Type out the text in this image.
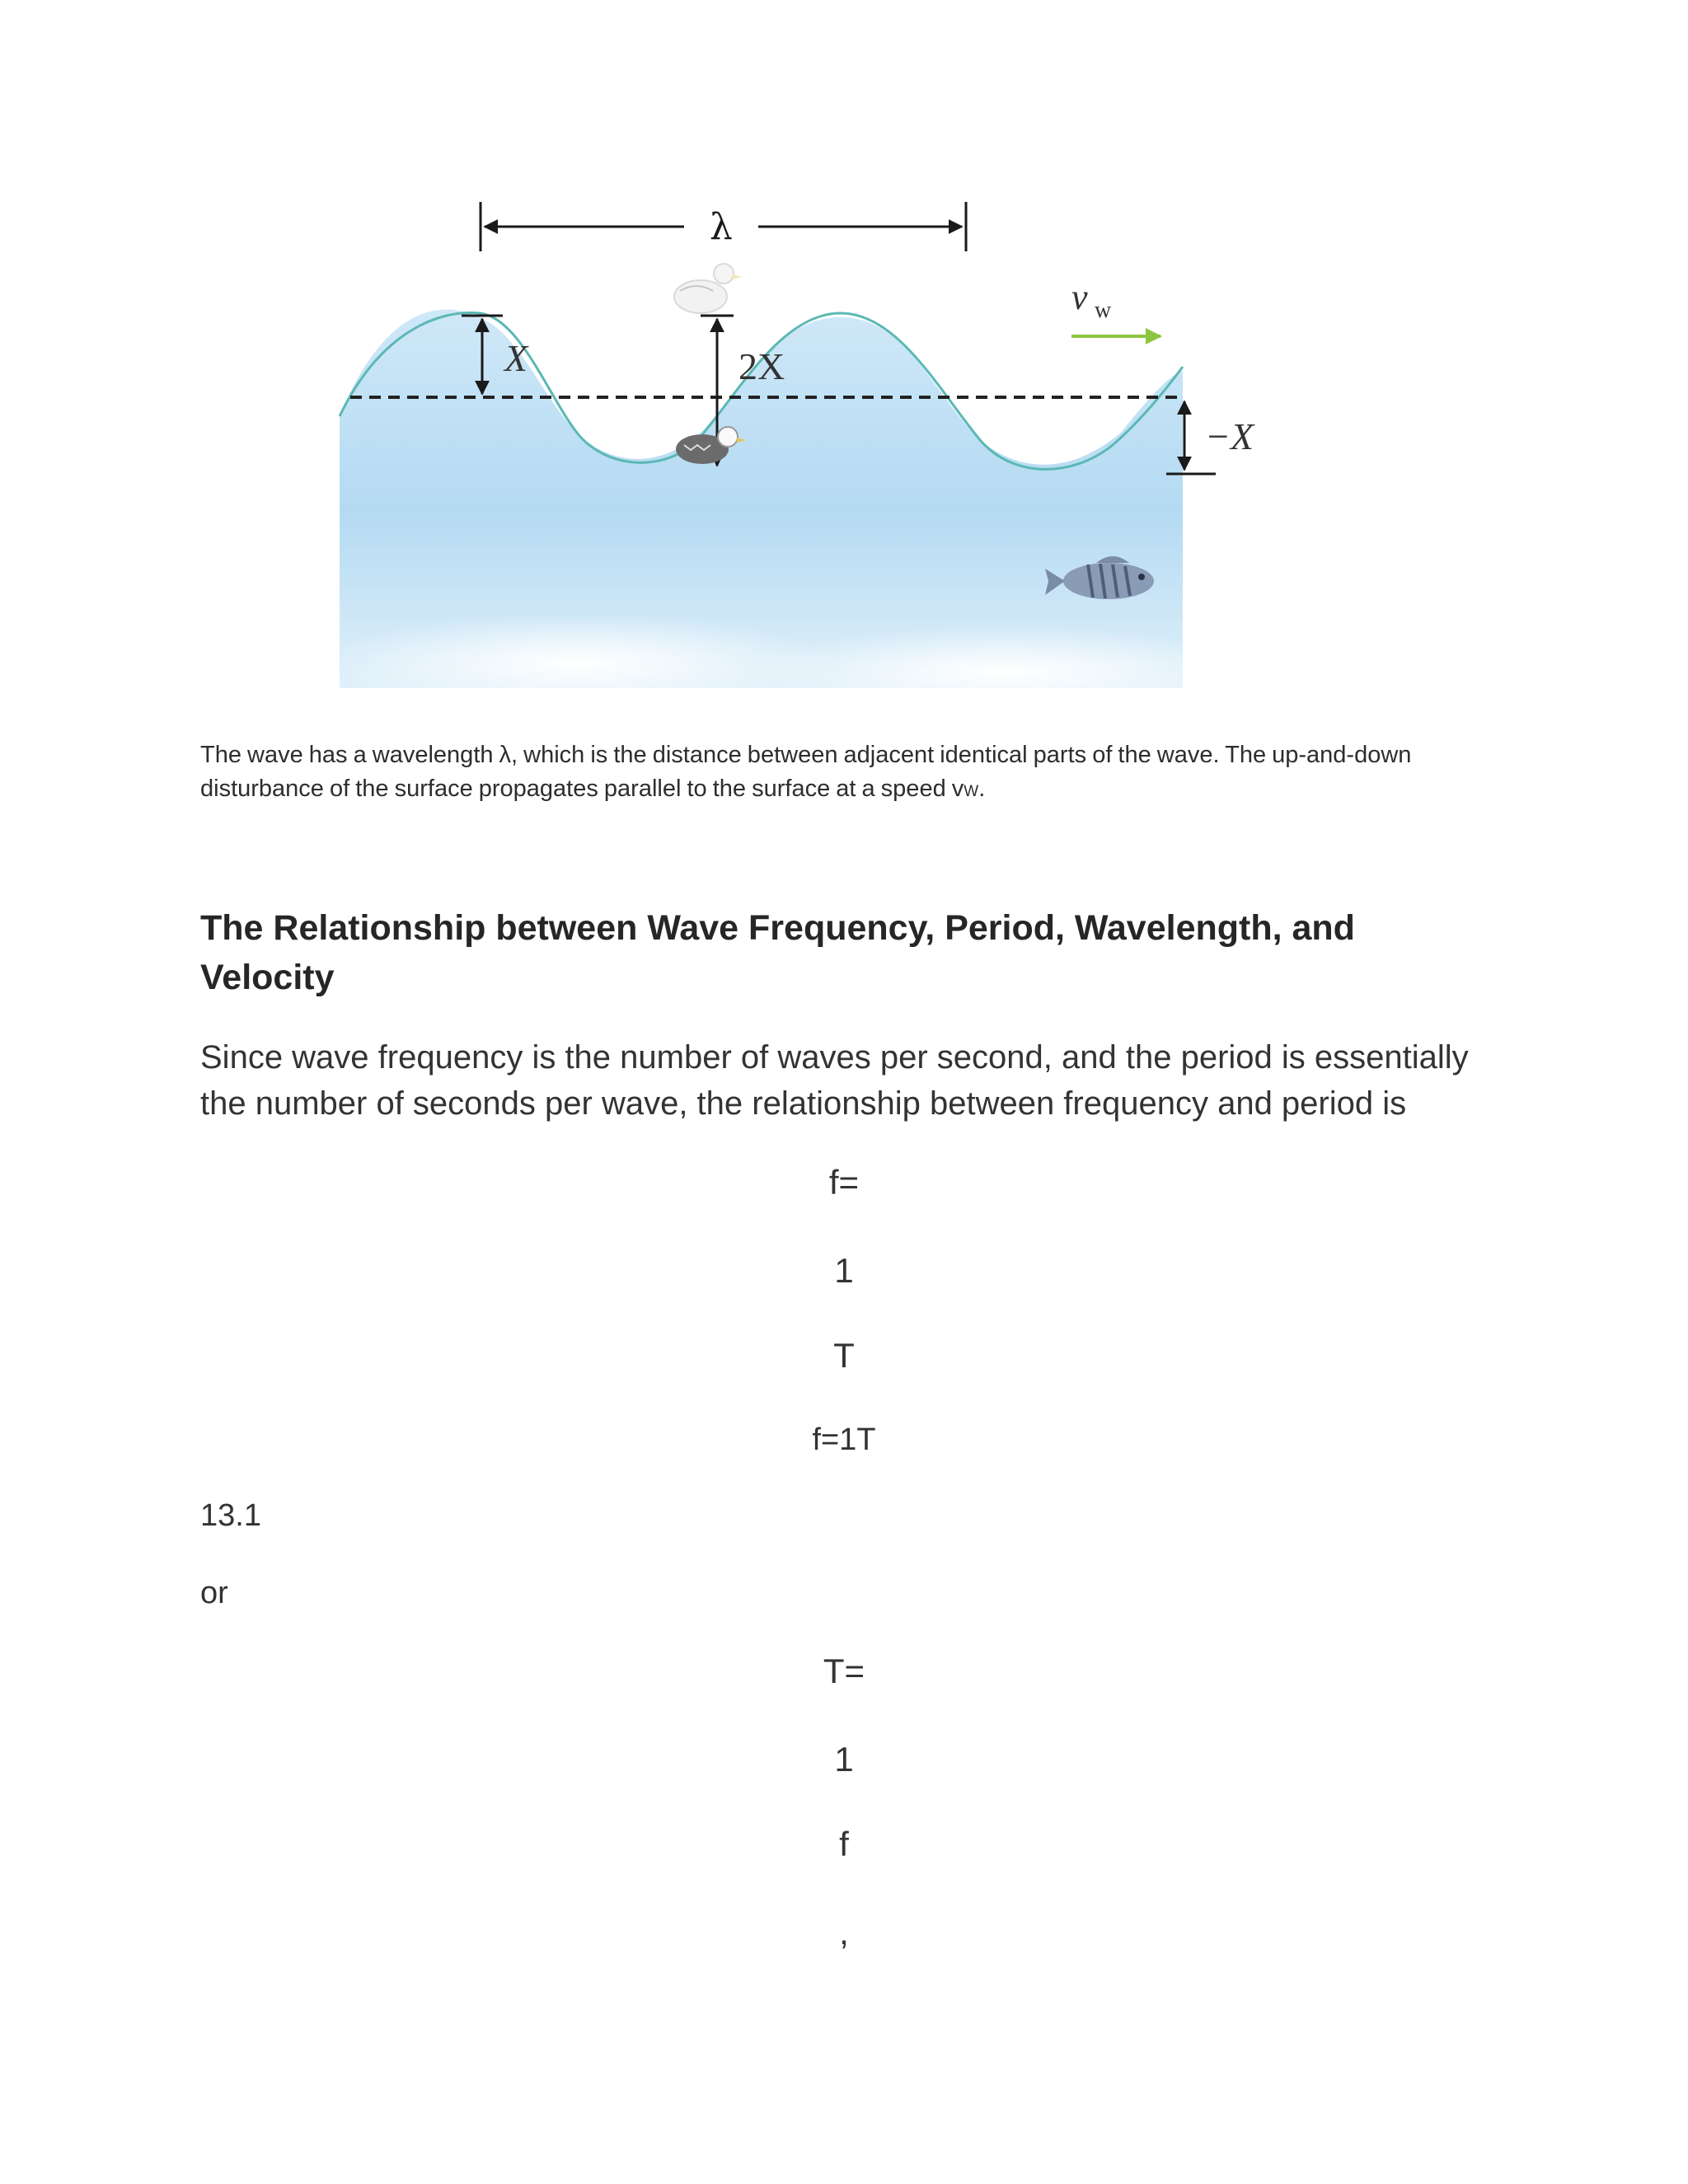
λ
X	2X
−X
v w

The wave has a wavelength λ, which is the distance between adjacent identical parts of the wave. The up-and-down disturbance of the surface propagates parallel to the surface at a speed vW.

The Relationship between Wave Frequency, Period, Wavelength, and Velocity

Since wave frequency is the number of waves per second, and the period is essentially the number of seconds per wave, the relationship between frequency and period is

f=
1
T
f=1T
13.1
or
T=
1
f
,
